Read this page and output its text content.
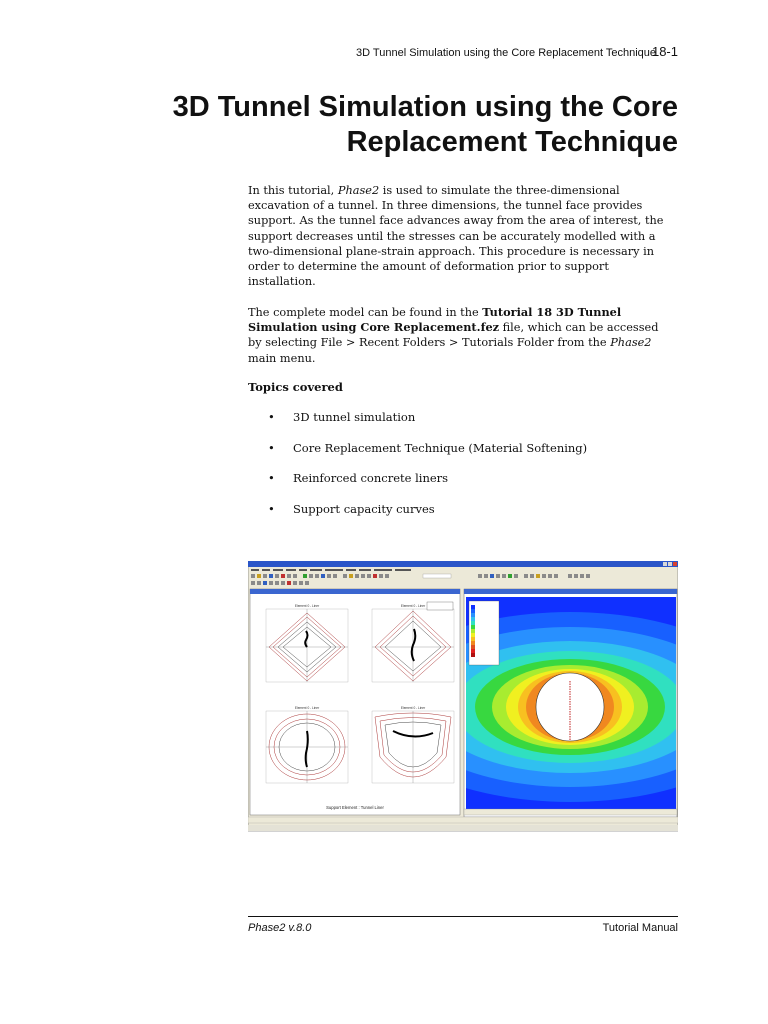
3D Tunnel Simulation using the Core Replacement Technique
18-1
3D Tunnel Simulation using the Core
Replacement Technique
In this tutorial, Phase2 is used to simulate the three-dimensional excavation of a tunnel. In three dimensions, the tunnel face provides support. As the tunnel face advances away from the area of interest, the support decreases until the stresses can be accurately modelled with a two-dimensional plane-strain approach. This procedure is necessary in order to determine the amount of deformation prior to support installation.
The complete model can be found in the Tutorial 18 3D Tunnel Simulation using Core Replacement.fez file, which can be accessed by selecting File > Recent Folders > Tutorials Folder from the Phase2 main menu.
Topics covered
• 3D tunnel simulation
• Core Replacement Technique (Material Softening)
• Reinforced concrete liners
• Support capacity curves
Support Element : Tunnel Liner
Element 0 - Liner	Element 0 - Liner
Element 0 - Liner	Element 0 - Liner
Phase2 v.8.0	Tutorial Manual
